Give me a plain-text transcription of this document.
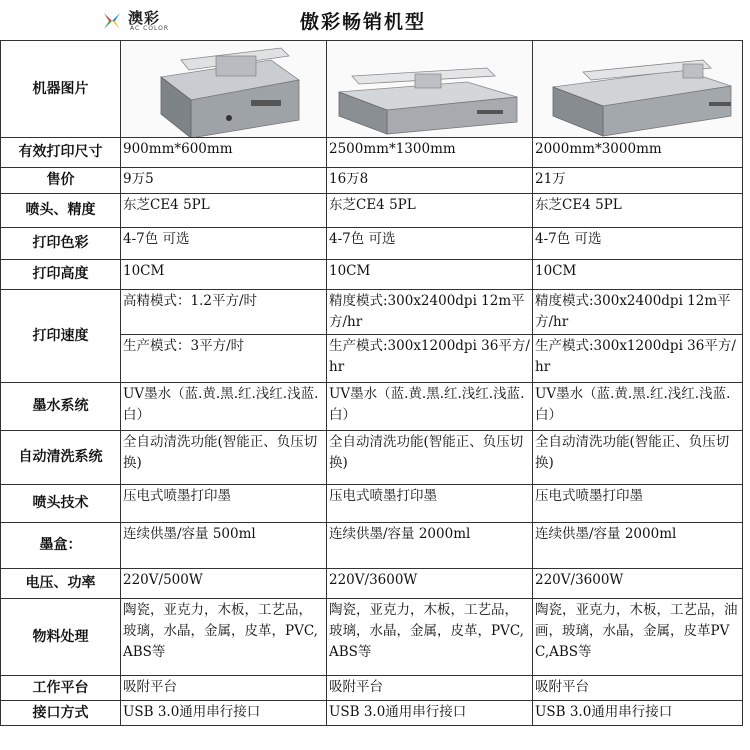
澳彩
AC COLOR	傲彩畅销机型
机器图片	

有效打印尺寸	900mm*600mm	2500mm*1300mm	2000mm*3000mm
售价	9万5	16万8	21万
喷头、精度	东芝CE4 5PL	东芝CE4 5PL	东芝CE4 5PL
打印色彩	4-7色 可选	4-7色 可选	4-7色 可选
打印高度	10CM	10CM	10CM
打印速度	高精模式：1.2平方/时	精度模式:300x2400dpi 12m平方/hr	精度模式:300x2400dpi 12m平方/hr
	生产模式：3平方/时	生产模式:300x1200dpi 36平方/hr	生产模式:300x1200dpi 36平方/hr
墨水系统	UV墨水（蓝.黄.黑.红.浅红.浅蓝.白）	UV墨水（蓝.黄.黑.红.浅红.浅蓝.白）	UV墨水（蓝.黄.黑.红.浅红.浅蓝.白）
自动清洗系统	全自动清洗功能(智能正、负压切换)	全自动清洗功能(智能正、负压切换)	全自动清洗功能(智能正、负压切换)
喷头技术	压电式喷墨打印墨	压电式喷墨打印墨	压电式喷墨打印墨
墨盒：	连续供墨/容量 500ml	连续供墨/容量 2000ml	连续供墨/容量 2000ml
电压、功率	220V/500W	220V/3600W	220V/3600W
物料处理	陶瓷，亚克力，木板，工艺品，玻璃，水晶，金属，皮革，PVC,ABS等	陶瓷，亚克力，木板，工艺品，玻璃，水晶，金属，皮革，PVC,ABS等	陶瓷，亚克力，木板，工艺品，油画，玻璃，水晶，金属，皮革PVC,ABS等
工作平台	吸附平台	吸附平台	吸附平台
接口方式	USB 3.0通用串行接口	USB 3.0通用串行接口	USB 3.0通用串行接口
